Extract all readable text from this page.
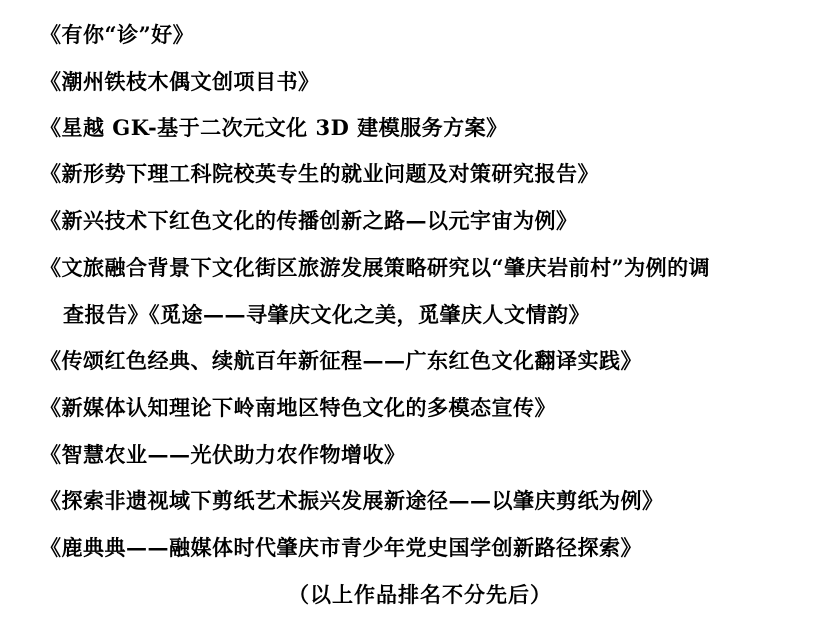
《有你“诊”好》
《潮州铁枝木偶文创项目书》
《星越 GK-基于二次元文化 3D 建模服务方案》
《新形势下理工科院校英专生的就业问题及对策研究报告》
《新兴技术下红色文化的传播创新之路—以元宇宙为例》
《文旅融合背景下文化街区旅游发展策略研究以“肇庆岩前村”为例的调
查报告》《觅途——寻肇庆文化之美，觅肇庆人文情韵》
《传颂红色经典、续航百年新征程——广东红色文化翻译实践》
《新媒体认知理论下岭南地区特色文化的多模态宣传》
《智慧农业——光伏助力农作物增收》
《探索非遗视域下剪纸艺术振兴发展新途径——以肇庆剪纸为例》
《鹿典典——融媒体时代肇庆市青少年党史国学创新路径探索》
（以上作品排名不分先后）
